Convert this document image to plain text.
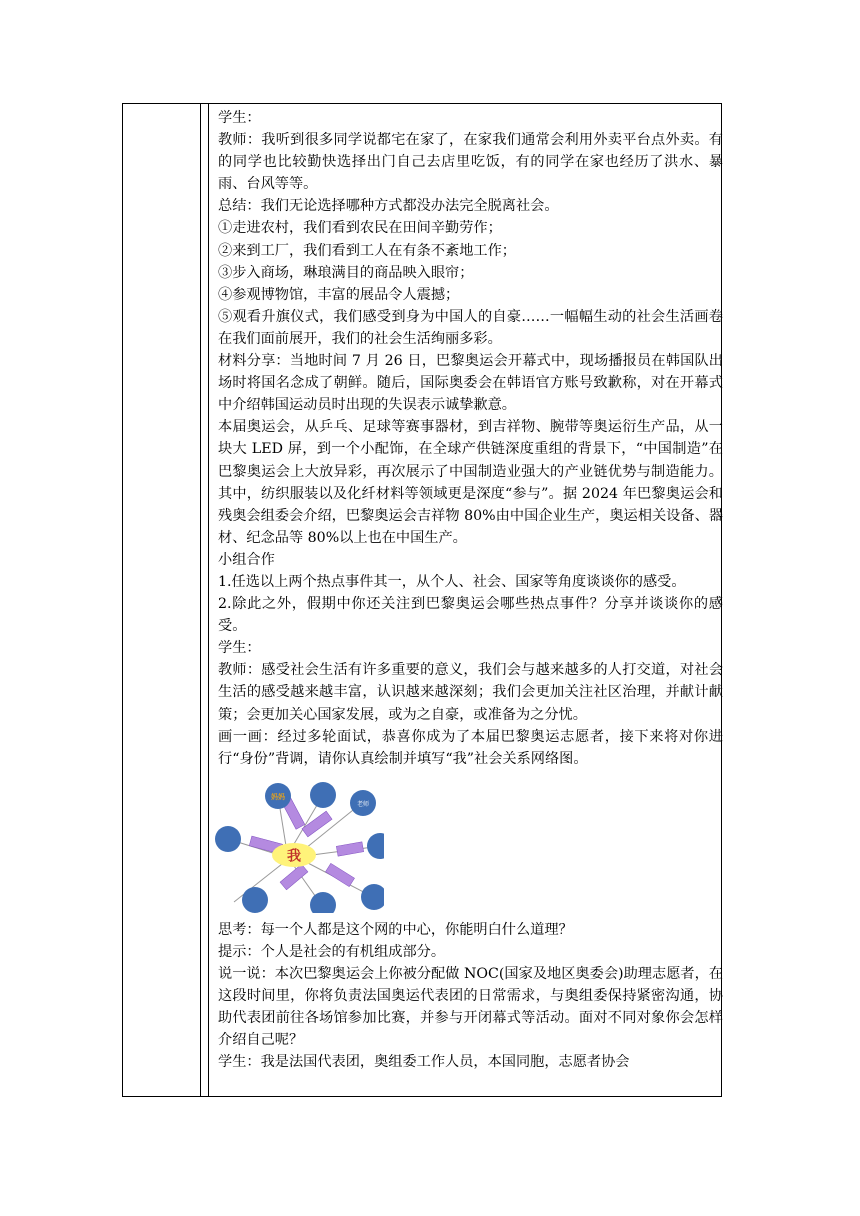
学生：

教师：我听到很多同学说都宅在家了，在家我们通常会利用外卖平台点外卖。有的同学也比较勤快选择出门自己去店里吃饭，有的同学在家也经历了洪水、暴雨、台风等等。

总结：我们无论选择哪种方式都没办法完全脱离社会。

①走进农村，我们看到农民在田间辛勤劳作；

②来到工厂，我们看到工人在有条不紊地工作；

③步入商场，琳琅满目的商品映入眼帘；

④参观博物馆，丰富的展品令人震撼；

⑤观看升旗仪式，我们感受到身为中国人的自豪……一幅幅生动的社会生活画卷在我们面前展开，我们的社会生活绚丽多彩。

材料分享：当地时间 7 月 26 日，巴黎奥运会开幕式中，现场播报员在韩国队出场时将国名念成了朝鲜。随后，国际奥委会在韩语官方账号致歉称，对在开幕式中介绍韩国运动员时出现的失误表示诚挚歉意。

本届奥运会，从乒乓、足球等赛事器材，到吉祥物、腕带等奥运衍生产品，从一块大 LED 屏，到一个小配饰，在全球产供链深度重组的背景下，“中国制造”在巴黎奥运会上大放异彩，再次展示了中国制造业强大的产业链优势与制造能力。其中，纺织服装以及化纤材料等领域更是深度“参与”。据 2024 年巴黎奥运会和残奥会组委会介绍，巴黎奥运会吉祥物 80%由中国企业生产，奥运相关设备、器材、纪念品等 80%以上也在中国生产。

小组合作

1.任选以上两个热点事件其一，从个人、社会、国家等角度谈谈你的感受。

2.除此之外，假期中你还关注到巴黎奥运会哪些热点事件？分享并谈谈你的感受。

学生：

教师：感受社会生活有许多重要的意义，我们会与越来越多的人打交道，对社会生活的感受越来越丰富，认识越来越深刻；我们会更加关注社区治理，并献计献策；会更加关心国家发展，或为之自豪，或准备为之分忧。

画一画：经过多轮面试，恭喜你成为了本届巴黎奥运志愿者，接下来将对你进行“身份”背调，请你认真绘制并填写“我”社会关系网络图。

我
妈妈
老师

思考：每一个人都是这个网的中心，你能明白什么道理？

提示：个人是社会的有机组成部分。

说一说：本次巴黎奥运会上你被分配做 NOC(国家及地区奥委会)助理志愿者，在这段时间里，你将负责法国奥运代表团的日常需求，与奥组委保持紧密沟通，协助代表团前往各场馆参加比赛，并参与开闭幕式等活动。面对不同对象你会怎样介绍自己呢？

学生：我是法国代表团，奥组委工作人员，本国同胞，志愿者协会
